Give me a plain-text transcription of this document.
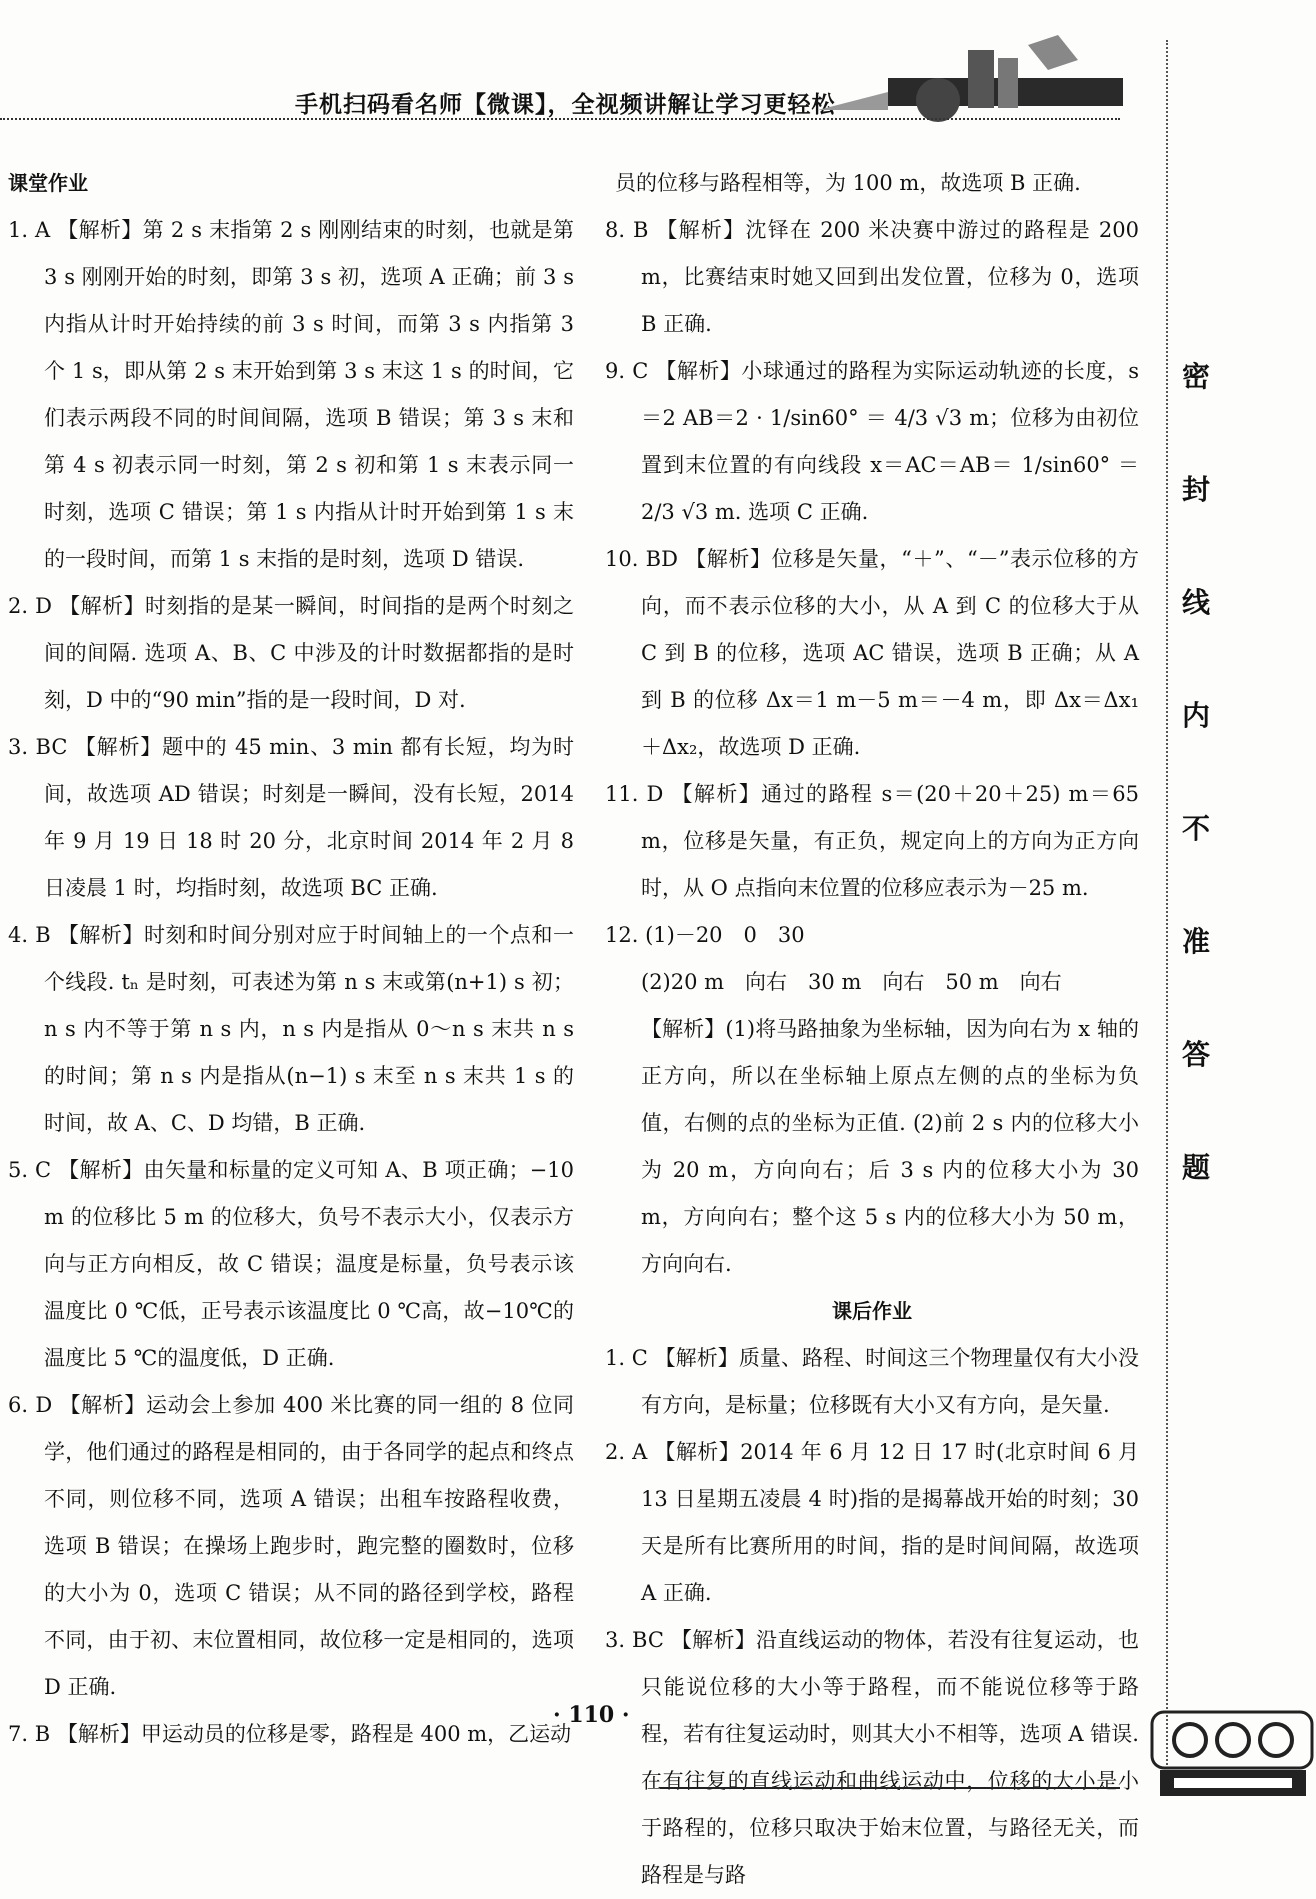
手机扫码看名师【微课】，全视频讲解让学习更轻松

课堂作业

1. A 【解析】第 2 s 末指第 2 s 刚刚结束的时刻，也就是第 3 s 刚刚开始的时刻，即第 3 s 初，选项 A 正确；前 3 s 内指从计时开始持续的前 3 s 时间，而第 3 s 内指第 3 个 1 s，即从第 2 s 末开始到第 3 s 末这 1 s 的时间，它们表示两段不同的时间间隔，选项 B 错误；第 3 s 末和第 4 s 初表示同一时刻，第 2 s 初和第 1 s 末表示同一时刻，选项 C 错误；第 1 s 内指从计时开始到第 1 s 末的一段时间，而第 1 s 末指的是时刻，选项 D 错误.

2. D 【解析】时刻指的是某一瞬间，时间指的是两个时刻之间的间隔. 选项 A、B、C 中涉及的计时数据都指的是时刻，D 中的“90 min”指的是一段时间，D 对.

3. BC 【解析】题中的 45 min、3 min 都有长短，均为时间，故选项 AD 错误；时刻是一瞬间，没有长短，2014 年 9 月 19 日 18 时 20 分，北京时间 2014 年 2 月 8 日凌晨 1 时，均指时刻，故选项 BC 正确.

4. B 【解析】时刻和时间分别对应于时间轴上的一个点和一个线段. tₙ 是时刻，可表述为第 n s 末或第(n+1) s 初；n s 内不等于第 n s 内，n s 内是指从 0～n s 末共 n s 的时间；第 n s 内是指从(n−1) s 末至 n s 末共 1 s 的时间，故 A、C、D 均错，B 正确.

5. C 【解析】由矢量和标量的定义可知 A、B 项正确；−10 m 的位移比 5 m 的位移大，负号不表示大小，仅表示方向与正方向相反，故 C 错误；温度是标量，负号表示该温度比 0 ℃低，正号表示该温度比 0 ℃高，故−10℃的温度比 5 ℃的温度低，D 正确.

6. D 【解析】运动会上参加 400 米比赛的同一组的 8 位同学，他们通过的路程是相同的，由于各同学的起点和终点不同，则位移不同，选项 A 错误；出租车按路程收费，选项 B 错误；在操场上跑步时，跑完整的圈数时，位移的大小为 0，选项 C 错误；从不同的路径到学校，路程不同，由于初、末位置相同，故位移一定是相同的，选项 D 正确.

7. B 【解析】甲运动员的位移是零，路程是 400 m，乙运动

员的位移与路程相等，为 100 m，故选项 B 正确.

8. B 【解析】沈铎在 200 米决赛中游过的路程是 200 m，比赛结束时她又回到出发位置，位移为 0，选项 B 正确.

9. C 【解析】小球通过的路程为实际运动轨迹的长度，s＝2 AB＝2 · 1/sin60° ＝ 4/3 √3 m；位移为由初位置到末位置的有向线段 x＝AC＝AB＝ 1/sin60° ＝ 2/3 √3 m. 选项 C 正确.

10. BD 【解析】位移是矢量，“＋”、“－”表示位移的方向，而不表示位移的大小，从 A 到 C 的位移大于从 C 到 B 的位移，选项 AC 错误，选项 B 正确；从 A 到 B 的位移 Δx＝1 m－5 m＝－4 m，即 Δx＝Δx₁＋Δx₂，故选项 D 正确.

11. D 【解析】通过的路程 s＝(20＋20＋25) m＝65 m，位移是矢量，有正负，规定向上的方向为正方向时，从 O 点指向末位置的位移应表示为－25 m.

12. (1)－20　0　30

(2)20 m　向右　30 m　向右　50 m　向右

【解析】(1)将马路抽象为坐标轴，因为向右为 x 轴的正方向，所以在坐标轴上原点左侧的点的坐标为负值，右侧的点的坐标为正值. (2)前 2 s 内的位移大小为 20 m，方向向右；后 3 s 内的位移大小为 30 m，方向向右；整个这 5 s 内的位移大小为 50 m，方向向右.

课后作业

1. C 【解析】质量、路程、时间这三个物理量仅有大小没有方向，是标量；位移既有大小又有方向，是矢量.

2. A 【解析】2014 年 6 月 12 日 17 时(北京时间 6 月 13 日星期五凌晨 4 时)指的是揭幕战开始的时刻；30 天是所有比赛所用的时间，指的是时间间隔，故选项 A 正确.

3. BC 【解析】沿直线运动的物体，若没有往复运动，也只能说位移的大小等于路程，而不能说位移等于路程，若有往复运动时，则其大小不相等，选项 A 错误. 在有往复的直线运动和曲线运动中，位移的大小是小于路程的，位移只取决于始末位置，与路径无关，而路程是与路

密
封
线
内
不
准
答
题
· 110 ·
